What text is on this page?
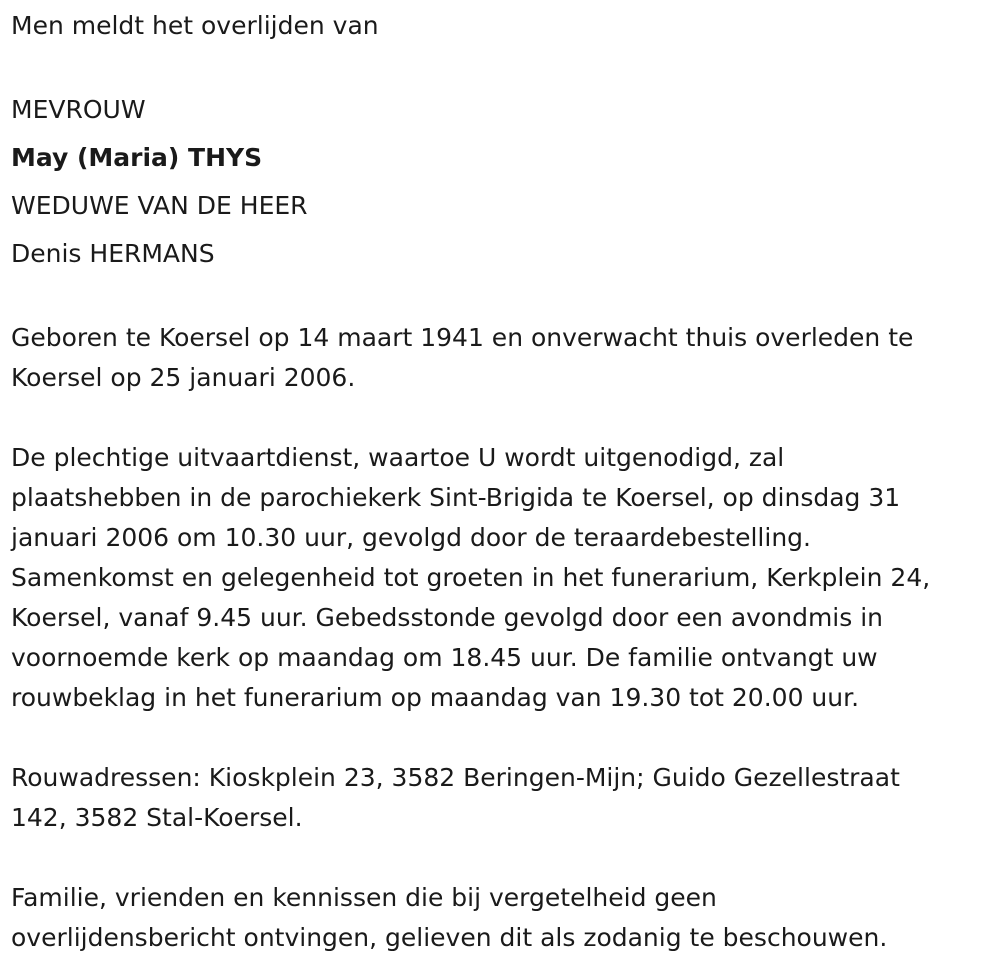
Men meldt het overlijden van

MEVROUW

May (Maria) THYS

WEDUWE VAN DE HEER

Denis HERMANS

Geboren te Koersel op 14 maart 1941 en onverwacht thuis overleden te
Koersel op 25 januari 2006.

De plechtige uitvaartdienst, waartoe U wordt uitgenodigd, zal
plaatshebben in de parochiekerk Sint-Brigida te Koersel, op dinsdag 31
januari 2006 om 10.30 uur, gevolgd door de teraardebestelling.
Samenkomst en gelegenheid tot groeten in het funerarium, Kerkplein 24,
Koersel, vanaf 9.45 uur. Gebedsstonde gevolgd door een avondmis in
voornoemde kerk op maandag om 18.45 uur. De familie ontvangt uw
rouwbeklag in het funerarium op maandag van 19.30 tot 20.00 uur.

Rouwadressen: Kioskplein 23, 3582 Beringen-Mijn; Guido Gezellestraat
142, 3582 Stal-Koersel.

Familie, vrienden en kennissen die bij vergetelheid geen
overlijdensbericht ontvingen, gelieven dit als zodanig te beschouwen.
